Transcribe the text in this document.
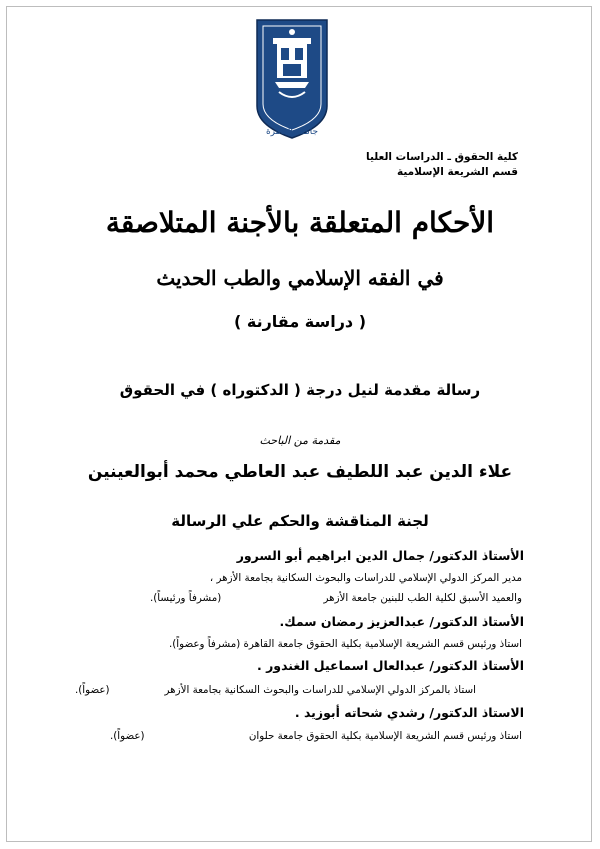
جامعة القاهرة
كلية الحقوق ـ الدراسات العليا
قسم الشريعة الإسلامية
الأحكام المتعلقة بالأجنة المتلاصقة
في الفقه الإسلامي والطب الحديث
( دراسة مقارنة )
رسالة مقدمة لنيل درجة ( الدكتوراه ) في الحقوق
مقدمة من الباحث
علاء الدين عبد اللطيف عبد العاطي محمد أبوالعينين
لجنة المناقشة والحكم علي الرسالة
الأستاذ الدكتور/ جمال الدين ابراهيم أبو السرور
مدير المركز الدولي الإسلامي للدراسات والبحوث السكانية بجامعة الأزهر ،
والعميد الأسبق لكلية الطب للبنين جامعة الأزهر
(مشرفاً ورئيساً).
الأستاذ الدكتور/ عبدالعزيز رمضان سمك.
استاذ ورئيس قسم الشريعة الإسلامية بكلية الحقوق جامعة القاهرة (مشرفاً وعضواً).
الأستاذ الدكتور/ عبدالعال اسماعيل الغندور .
استاذ بالمركز الدولي الإسلامي للدراسات والبحوث السكانية بجامعة الأزهر
(عضواً).
الاستاذ الدكتور/ رشدي شحاته أبوزيد .
استاذ ورئيس قسم الشريعة الإسلامية بكلية الحقوق جامعة حلوان
(عضواً).
